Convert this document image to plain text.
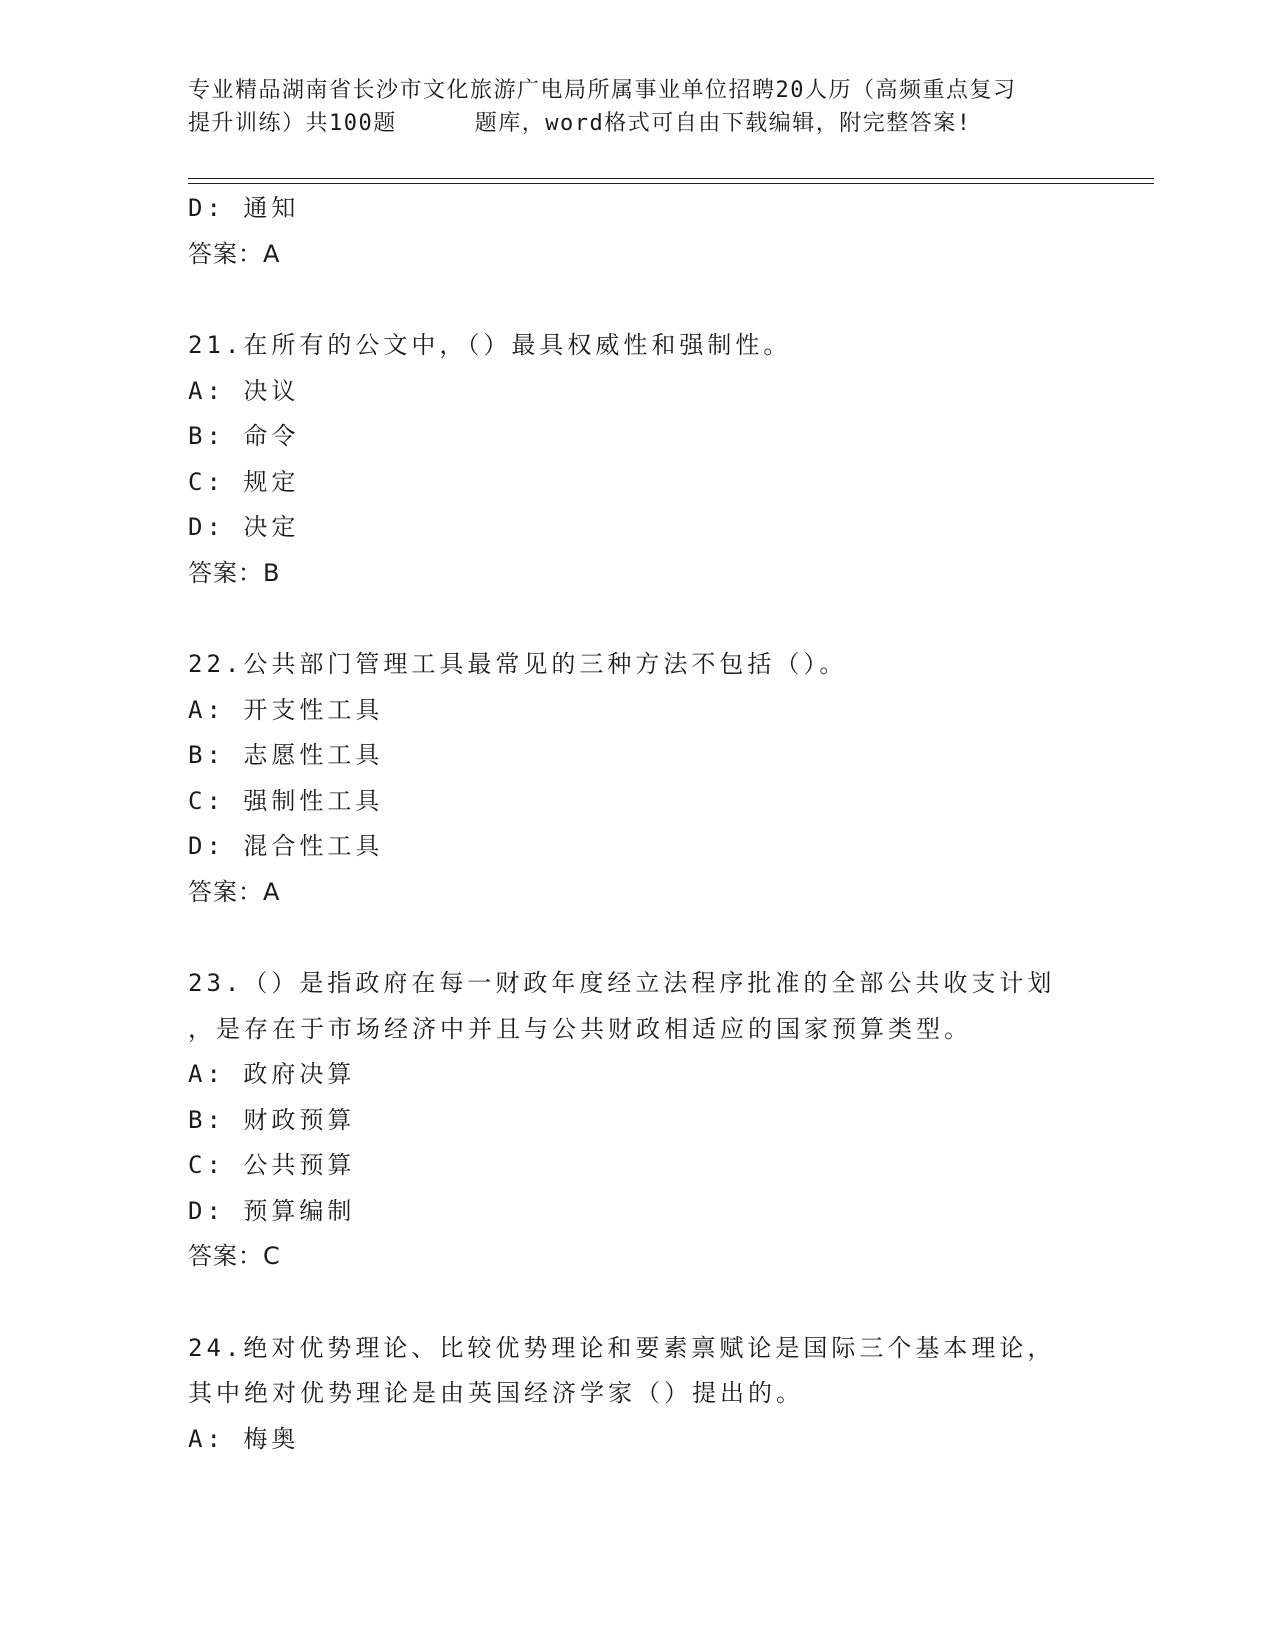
专业精品湖南省长沙市文化旅游广电局所属事业单位招聘20人历（高频重点复习
提升训练）共100题	题库，word格式可自由下载编辑，附完整答案!
D: 通知
答案：A
21.在所有的公文中，（）最具权威性和强制性。
A: 决议
B: 命令
C: 规定
D: 决定
答案：B
22.公共部门管理工具最常见的三种方法不包括（）。
A: 开支性工具
B: 志愿性工具
C: 强制性工具
D: 混合性工具
答案：A
23.（）是指政府在每一财政年度经立法程序批准的全部公共收支计划
，是存在于市场经济中并且与公共财政相适应的国家预算类型。
A: 政府决算
B: 财政预算
C: 公共预算
D: 预算编制
答案：C
24.绝对优势理论、比较优势理论和要素禀赋论是国际三个基本理论，
其中绝对优势理论是由英国经济学家（）提出的。
A: 梅奥
